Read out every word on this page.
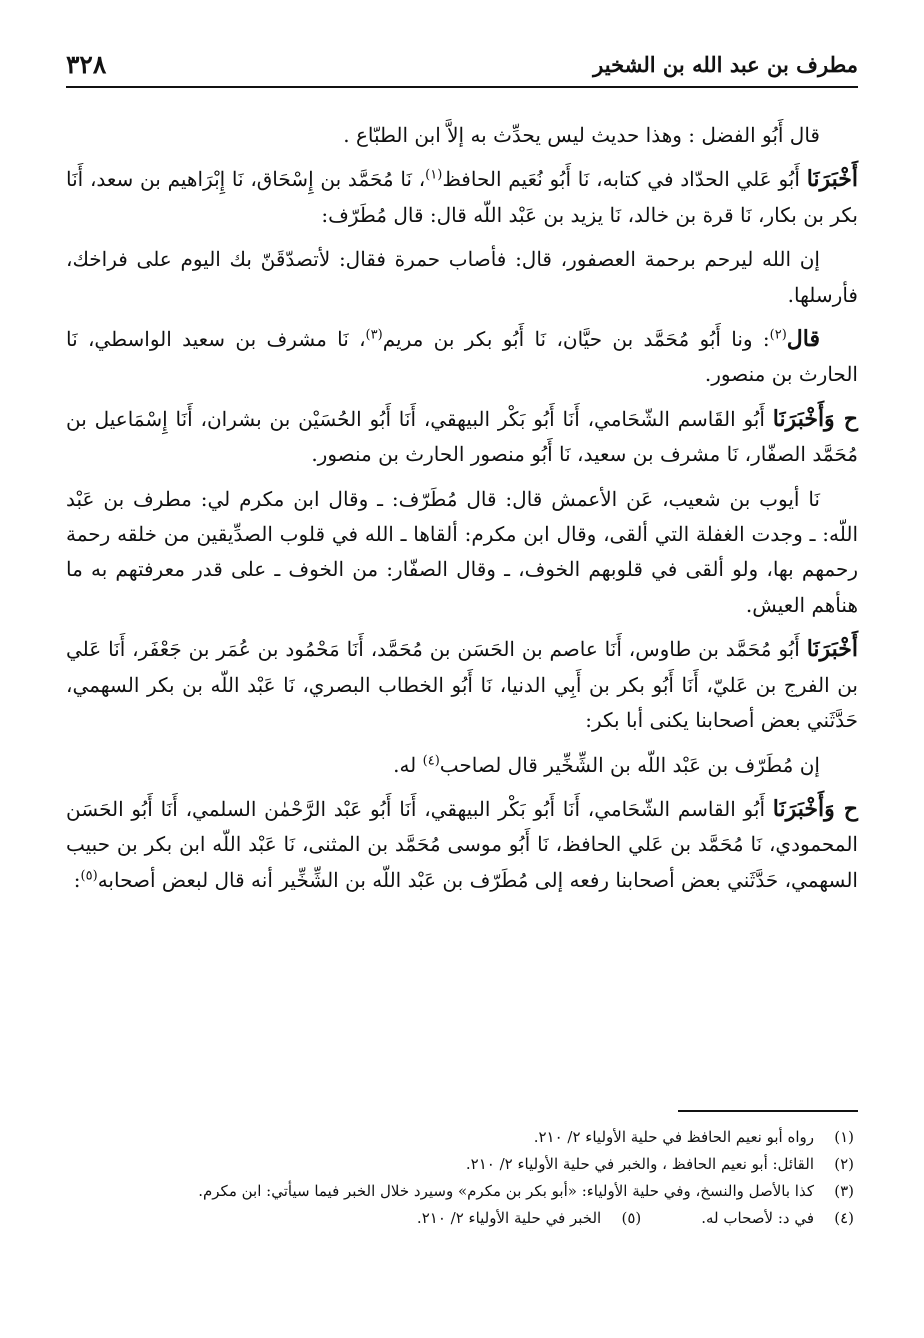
٣٢٨	مطرف بن عبد الله بن الشخير

قال أَبُو الفضل : وهذا حديث ليس يحدِّث به إلاَّ ابن الطبّاع .

أَخْبَرَنَا أَبُو عَلي الحدّاد في كتابه، نَا أَبُو نُعَيم الحافظ$^{(١)}$، نَا مُحَمَّد بن إِسْحَاق، نَا إِبْرَاهيم بن سعد، أَنَا بكر بن بكار، نَا قرة بن خالد، نَا يزيد بن عَبْد اللّه قال: قال مُطَرّف:

إن الله ليرحم برحمة العصفور، قال: فأصاب حمرة فقال: لأتصدّقَنّ بك اليوم على فراخك، فأرسلها.

قال$^{(٢)}$: ونا أَبُو مُحَمَّد بن حيَّان، نَا أَبُو بكر بن مريم$^{(٣)}$، نَا مشرف بن سعيد الواسطي، نَا الحارث بن منصور.

ح وَأَخْبَرَنَا أَبُو القَاسم الشّحَامي، أَنَا أَبُو بَكْر البيهقي، أَنَا أَبُو الحُسَيْن بن بشران، أَنَا إِسْمَاعيل بن مُحَمَّد الصفّار، نَا مشرف بن سعيد، نَا أَبُو منصور الحارث بن منصور.

نَا أيوب بن شعيب، عَن الأعمش قال: قال مُطَرّف: ـ وقال ابن مكرم لي: مطرف بن عَبْد اللّه: ـ وجدت الغفلة التي ألقى، وقال ابن مكرم: ألقاها ـ الله في قلوب الصدِّيقين من خلقه رحمة رحمهم بها، ولو ألقى في قلوبهم الخوف، ـ وقال الصفّار: من الخوف ـ على قدر معرفتهم به ما هنأهم العيش.

أَخْبَرَنَا أَبُو مُحَمَّد بن طاوس، أَنَا عاصم بن الحَسَن بن مُحَمَّد، أَنَا مَحْمُود بن عُمَر بن جَعْفَر، أَنَا عَلي بن الفرج بن عَليّ، أَنَا أَبُو بكر بن أَبِي الدنيا، نَا أَبُو الخطاب البصري، نَا عَبْد اللّه بن بكر السهمي، حَدَّثَني بعض أصحابنا يكنى أبا بكر:

إن مُطَرّف بن عَبْد اللّه بن الشِّخِّير قال لصاحب$^{(٤)}$ له.

ح وَأَخْبَرَنَا أَبُو القاسم الشّحَامي، أَنَا أَبُو بَكْر البيهقي، أَنَا أَبُو عَبْد الرَّحْمٰن السلمي، أَنَا أَبُو الحَسَن المحمودي، نَا مُحَمَّد بن عَلي الحافظ، نَا أَبُو موسى مُحَمَّد بن المثنى، نَا عَبْد اللّه ابن بكر بن حبيب السهمي، حَدَّثَني بعض أصحابنا رفعه إلى مُطَرّف بن عَبْد اللّه بن الشِّخِّير أنه قال لبعض أصحابه$^{(٥)}$:

(١)رواه أبو نعيم الحافظ في حلية الأولياء ٢/ ٢١٠.
(٢)القائل: أبو نعيم الحافظ ، والخبر في حلية الأولياء ٢/ ٢١٠.
(٣)كذا بالأصل والنسخ، وفي حلية الأولياء: «أبو بكر بن مكرم» وسيرد خلال الخبر فيما سيأتي: ابن مكرم.
(٤)في د: لأصحاب له.
(٥)الخبر في حلية الأولياء ٢/ ٢١٠.
